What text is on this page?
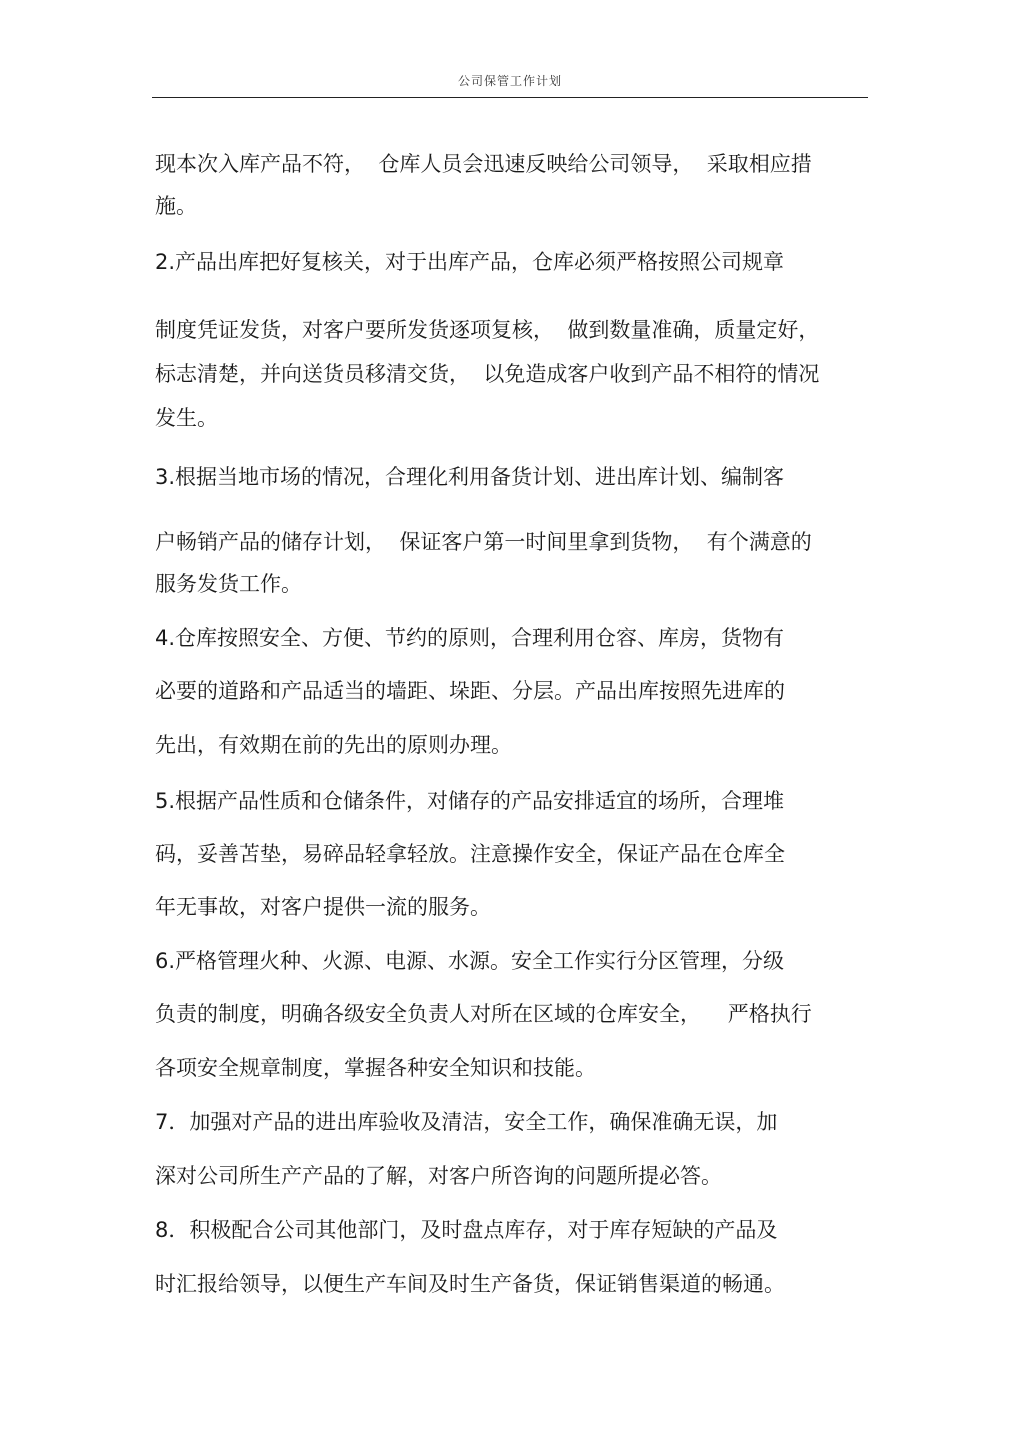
公司保管工作计划
现本次入库产品不符，  仓库人员会迅速反映给公司领导，  采取相应措
施。
2.产品出库把好复核关，对于出库产品，仓库必须严格按照公司规章
制度凭证发货，对客户要所发货逐项复核，  做到数量准确，质量定好，
标志清楚，并向送货员移清交货，  以免造成客户收到产品不相符的情况
发生。
3.根据当地市场的情况，合理化利用备货计划、进出库计划、编制客
户畅销产品的储存计划，  保证客户第一时间里拿到货物，  有个满意的
服务发货工作。
4.仓库按照安全、方便、节约的原则，合理利用仓容、库房，货物有
必要的道路和产品适当的墙距、垛距、分层。产品出库按照先进库的
先出，有效期在前的先出的原则办理。
5.根据产品性质和仓储条件，对储存的产品安排适宜的场所，合理堆
码，妥善苫垫，易碎品轻拿轻放。注意操作安全，保证产品在仓库全
年无事故，对客户提供一流的服务。
6.严格管理火种、火源、电源、水源。安全工作实行分区管理，分级
负责的制度，明确各级安全负责人对所在区域的仓库安全，    严格执行
各项安全规章制度，掌握各种安全知识和技能。
7．加强对产品的进出库验收及清洁，安全工作，确保准确无误，加
深对公司所生产产品的了解，对客户所咨询的问题所提必答。
8．积极配合公司其他部门，及时盘点库存，对于库存短缺的产品及
时汇报给领导，以便生产车间及时生产备货，保证销售渠道的畅通。
